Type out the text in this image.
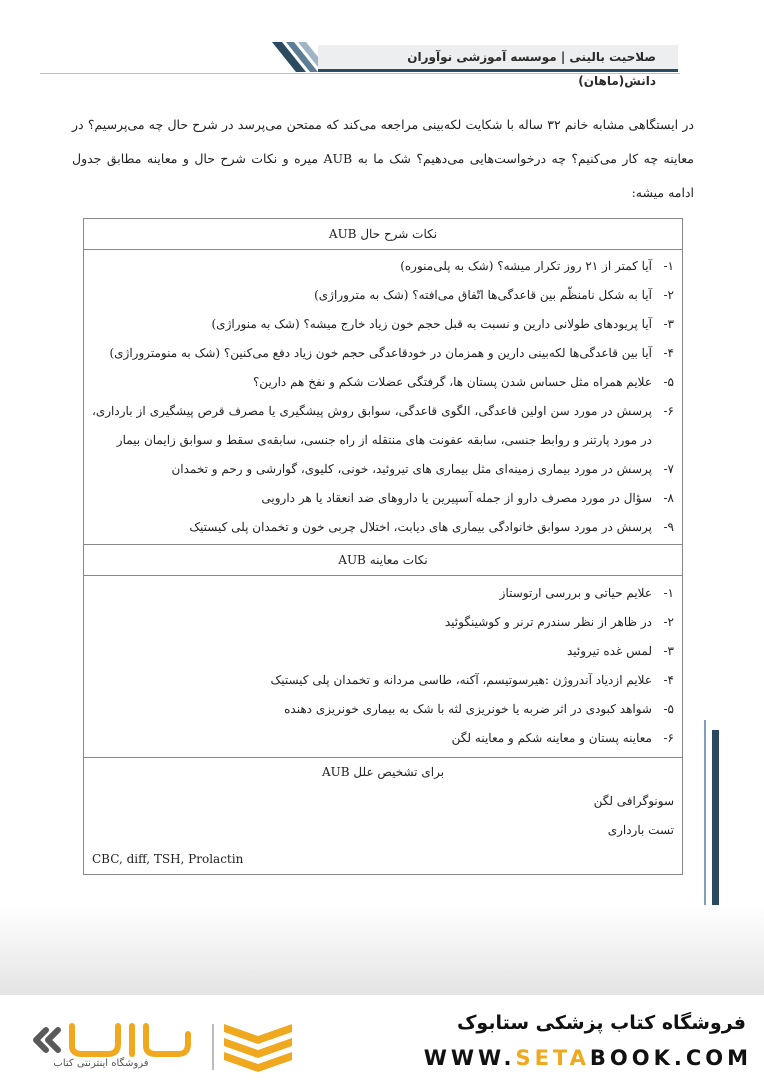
صلاحیت بالینی | موسسه آموزشی نوآوران دانش(ماهان)
در ایستگاهی مشابه خانم ۳۲ ساله با شکایت لکه‌بینی مراجعه می‌کند که ممتحن می‌پرسد در شرح حال چه می‌پرسیم؟ در معاینه چه کار می‌کنیم؟ چه درخواست‌هایی می‌دهیم؟ شک ما به AUB میره و نکات شرح حال و معاینه مطابق جدول ادامه میشه:
نکات شرح حال AUB

۱-
آیا کمتر از ۲۱ روز تکرار میشه؟ (شک به پلی‌منوره)
۲-
آیا به شکل نامنظّم بین قاعدگی‌ها اتّفاق می‌افته؟ (شک به متروراژی)
۳-
آیا پریودهای طولانی دارین و نسبت به قبل حجم خون زیاد خارج میشه؟ (شک به منوراژی)
۴-
آیا بین قاعدگی‌ها لکه‌بینی دارین و همزمان در خودقاعدگی حجم خون زیاد دفع می‌کنین؟ (شک به منومتروراژی)
۵-
علایم همراه مثل حساس شدن پستان ها، گرفتگی عضلات شکم و نفخ هم دارین؟
۶-
پرسش در مورد سن اولین قاعدگی، الگوی قاعدگی، سوابق روش پیشگیری یا مصرف قرص پیشگیری از بارداری، در مورد پارتنر و روابط جنسی، سابقه عفونت های منتقله از راه جنسی، سابقه‌ی سقط و سوابق زایمان بیمار
۷-
پرسش در مورد بیماری زمینه‌ای مثل بیماری های تیروئید، خونی، کلیوی، گوارشی و رحم و تخمدان
۸-
سؤال در مورد مصرف دارو از جمله آسپیرین یا داروهای ضد انعقاد یا هر دارویی
۹-
پرسش در مورد سوابق خانوادگی بیماری های دیابت، اختلال چربی خون و تخمدان پلی کیستیک

نکات معاینه AUB

۱-
علایم حیاتی و بررسی ارتوستاز
۲-
در ظاهر از نظر سندرم ترنر و کوشینگوئید
۳-
لمس غده تیروئید
۴-
علایم ازدیاد آندروژن :هیرسوتیسم، آکنه، طاسی مردانه و تخمدان پلی کیستیک
۵-
شواهد کبودی در اثر ضربه یا خونریزی لثه با شک به بیماری خونریزی دهنده
۶-
معاینه پستان و معاینه شکم و معاینه لگن

برای تشخیص علل AUB
سونوگرافی لگن
تست بارداری
CBC, diff, TSH, Prolactin
فروشگاه کتاب پزشکی ستابوک
WWW.SETABOOK.COM
فروشگاه اینترنتی کتاب
